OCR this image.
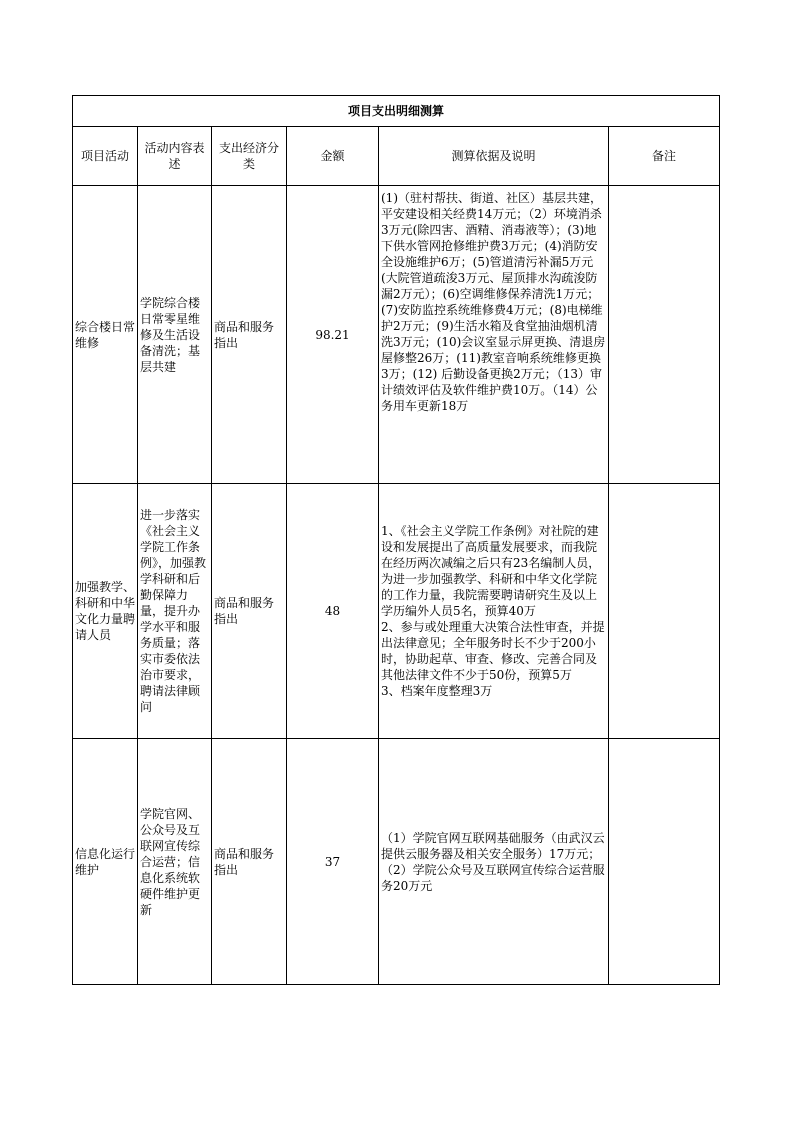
项目支出明细测算					
项目活动	活动内容表述	支出经济分类	金额	测算依据及说明	备注
综合楼日常维修	学院综合楼日常零星维修及生活设备清洗；基层共建	商品和服务指出	98.21	(1)（驻村帮扶、街道、社区）基层共建，平安建设相关经费14万元；（2）环境消杀3万元(除四害、酒精、消毒液等）；(3)地下供水管网抢修维护费3万元；(4)消防安全设施维护6万；(5)管道清污补漏5万元(大院管道疏浚3万元、屋顶排水沟疏浚防漏2万元）；(6)空调维修保养清洗1万元；(7)安防监控系统维修费4万元；(8)电梯维护2万元；(9)生活水箱及食堂抽油烟机清洗3万元；(10)会议室显示屏更换、清退房屋修整26万；(11)教室音响系统维修更换3万；(12) 后勤设备更换2万元；（13）审计绩效评估及软件维护费10万。（14）公务用车更新18万	
加强教学、科研和中华文化力量聘请人员	进一步落实《社会主义学院工作条例》，加强教学科研和后勤保障力量，提升办学水平和服务质量；落实市委依法治市要求，聘请法律顾问	商品和服务指出	48	1、《社会主义学院工作条例》对社院的建设和发展提出了高质量发展要求，而我院在经历两次减编之后只有23名编制人员，为进一步加强教学、科研和中华文化学院的工作力量，我院需要聘请研究生及以上学历编外人员5名，预算40万
2、参与或处理重大决策合法性审查，并提出法律意见；全年服务时长不少于200小时，协助起草、审查、修改、完善合同及其他法律文件不少于50份，预算5万
3、档案年度整理3万	
信息化运行维护	学院官网、公众号及互联网宣传综合运营；信息化系统软硬件维护更新	商品和服务指出	37	（1）学院官网互联网基础服务（由武汉云提供云服务器及相关安全服务）17万元；（2）学院公众号及互联网宣传综合运营服务20万元	
